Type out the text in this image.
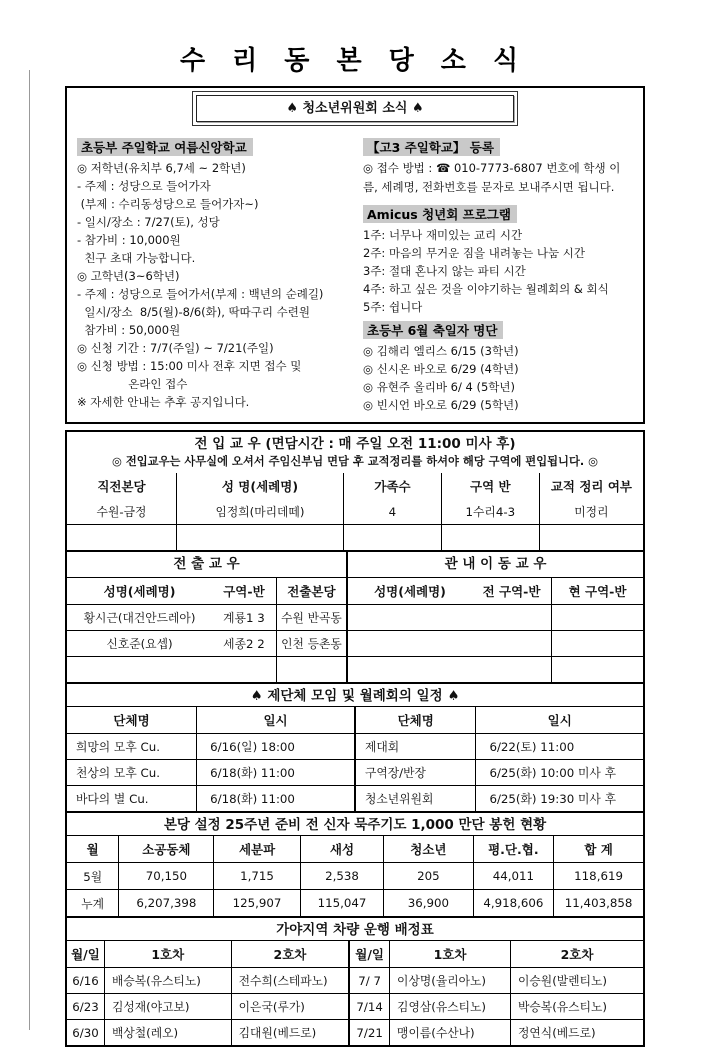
수 리 동 본 당 소 식
♠ 청소년위원회 소식 ♠
초등부 주일학교 여름신앙학교
◎ 저학년(유치부 6,7세 ~ 2학년)
- 주제 : 성당으로 들어가자
(부제 : 수리동성당으로 들어가자~)
- 일시/장소 : 7/27(토), 성당
- 참가비 : 10,000원
친구 초대 가능합니다.
◎ 고학년(3~6학년)
- 주제 : 성당으로 들어가서(부제 : 백년의 순례길)
일시/장소  8/5(월)-8/6(화), 딱따구리 수련원
참가비 : 50,000원
◎ 신청 기간 : 7/7(주일) ~ 7/21(주일)
◎ 신청 방법 : 15:00 미사 전후 지면 접수 및
온라인 접수
※ 자세한 안내는 추후 공지입니다.
【고3 주일학교】 등록

◎ 접수 방법 : ☎ 010-7773-6807 번호에 학생 이름, 세례명, 전화번호를 문자로 보내주시면 됩니다.

Amicus 청년회 프로그램
1주: 너무나 재미있는 교리 시간
2주: 마음의 무거운 짐을 내려놓는 나눔 시간
3주: 절대 혼나지 않는 파티 시간
4주: 하고 싶은 것을 이야기하는 월례회의 & 회식
5주: 쉽니다
초등부 6월 축일자 명단
◎ 김해리 엘리스 6/15 (3학년)
◎ 신시온 바오로 6/29 (4학년)
◎ 유현주 올리바 6/ 4 (5학년)
◎ 빈시언 바오로 6/29 (5학년)
전 입 교 우 (면담시간 : 매 주일 오전 11:00 미사 후)
◎ 전입교우는 사무실에 오셔서 주임신부님 면담 후 교적정리를 하셔야 해당 구역에 편입됩니다. ◎
직전본당	성 명(세례명)	가족수	구역 반	교적 정리 여부
수원-금정	임정희(마리데떼)	4	1수리4-3	미정리

전 출 교 우
성명(세례명)	구역-반	전출본당
황시근(대건안드레아)	계룡1 3	수원 반곡동
신호준(요셉)	세종2 2	인천 등촌동

관 내 이 동 교 우
성명(세례명)	전 구역-반	현 구역-반

♠ 제단체 모임 및 월례회의 일정 ♠
단체명	일시	단체명	일시
희망의 모후 Cu.	6/16(일) 18:00	제대회	6/22(토) 11:00
천상의 모후 Cu.	6/18(화) 11:00	구역장/반장	6/25(화) 10:00 미사 후
바다의 별 Cu.	6/18(화) 11:00	청소년위원회	6/25(화) 19:30 미사 후
본당 설정 25주년 준비 전 신자 묵주기도 1,000 만단 봉헌 현황
월	소공동체	세분파	새성	청소년	평.단.협.	합 계
5월	70,150	1,715	2,538	205	44,011	118,619
누계	6,207,398	125,907	115,047	36,900	4,918,606	11,403,858
가야지역 차량 운행 배정표
월/일	1호차	2호차	월/일	1호차	2호차
6/16	배승복(유스티노)	전수희(스테파노)	7/ 7	이상명(율리아노)	이승원(발렌티노)
6/23	김성재(야고보)	이은국(루가)	7/14	김영삼(유스티노)	박승복(유스티노)
6/30	백상철(레오)	김대원(베드로)	7/21	맹이름(수산나)	정연식(베드로)
